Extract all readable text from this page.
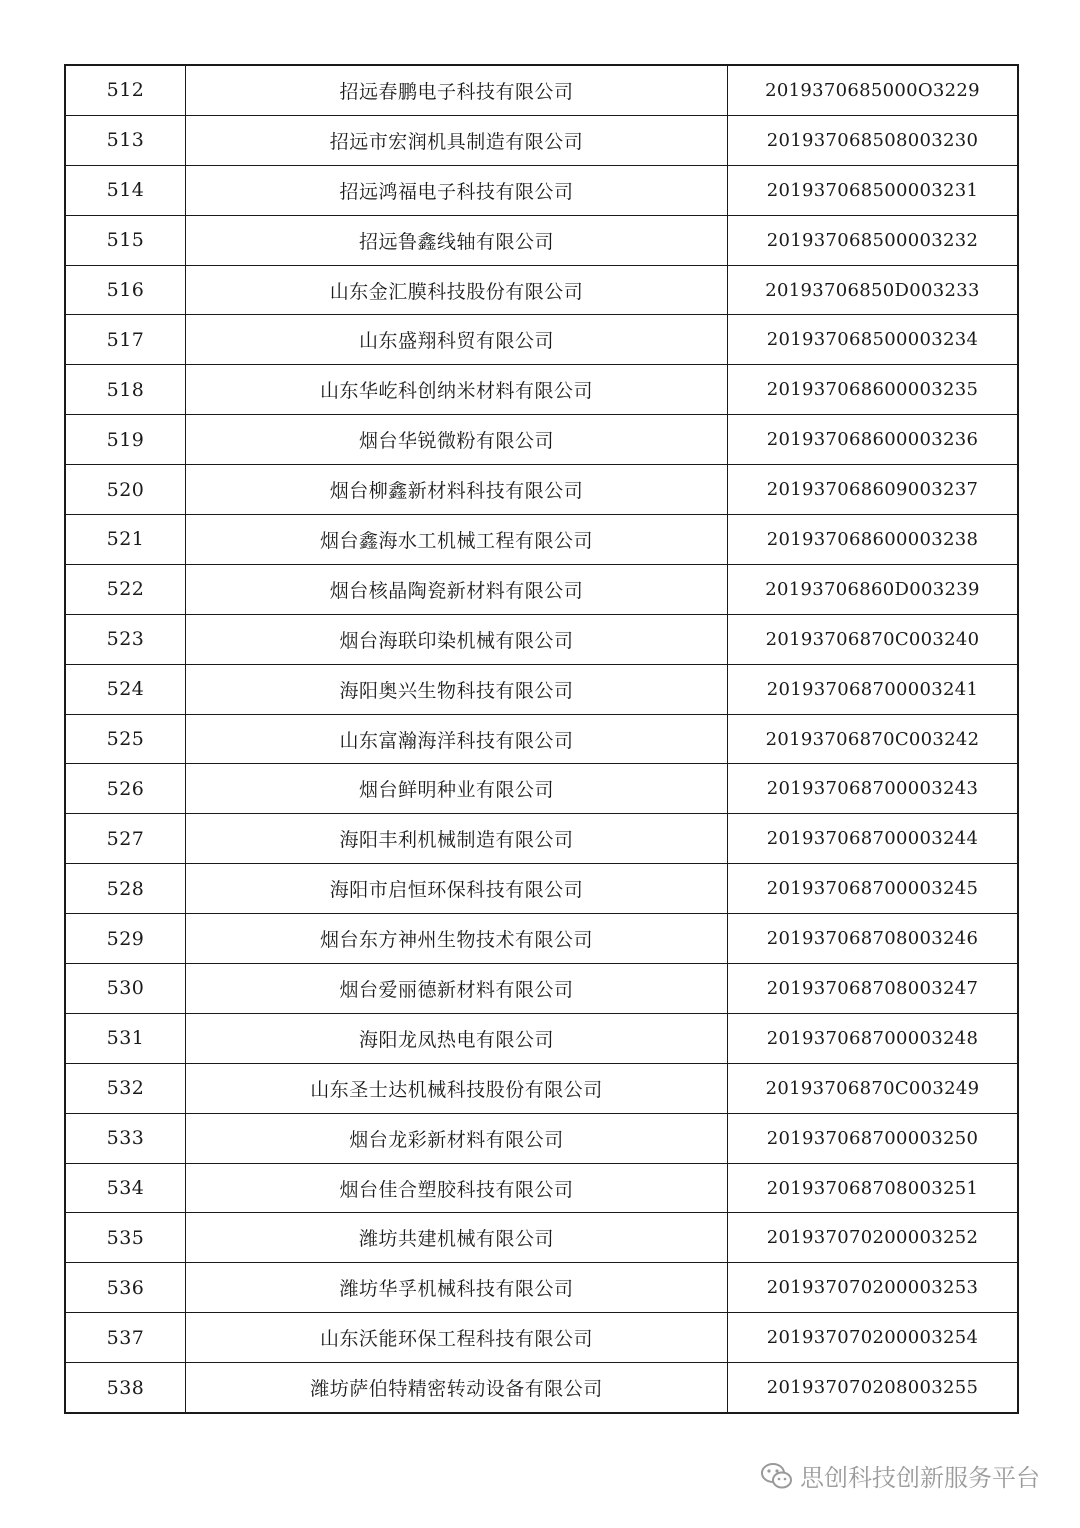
512	招远春鹏电子科技有限公司	2019370685000O3229
513	招远市宏润机具制造有限公司	201937068508003230
514	招远鸿福电子科技有限公司	201937068500003231
515	招远鲁鑫线轴有限公司	201937068500003232
516	山东金汇膜科技股份有限公司	20193706850D003233
517	山东盛翔科贸有限公司	201937068500003234
518	山东华屹科创纳米材料有限公司	201937068600003235
519	烟台华锐微粉有限公司	201937068600003236
520	烟台柳鑫新材料科技有限公司	201937068609003237
521	烟台鑫海水工机械工程有限公司	201937068600003238
522	烟台核晶陶瓷新材料有限公司	20193706860D003239
523	烟台海联印染机械有限公司	20193706870C003240
524	海阳奥兴生物科技有限公司	201937068700003241
525	山东富瀚海洋科技有限公司	20193706870C003242
526	烟台鲜明种业有限公司	201937068700003243
527	海阳丰利机械制造有限公司	201937068700003244
528	海阳市启恒环保科技有限公司	201937068700003245
529	烟台东方神州生物技术有限公司	201937068708003246
530	烟台爱丽德新材料有限公司	201937068708003247
531	海阳龙凤热电有限公司	201937068700003248
532	山东圣士达机械科技股份有限公司	20193706870C003249
533	烟台龙彩新材料有限公司	201937068700003250
534	烟台佳合塑胶科技有限公司	201937068708003251
535	潍坊共建机械有限公司	201937070200003252
536	潍坊华孚机械科技有限公司	201937070200003253
537	山东沃能环保工程科技有限公司	201937070200003254
538	潍坊萨伯特精密转动设备有限公司	201937070208003255
思创科技创新服务平台
